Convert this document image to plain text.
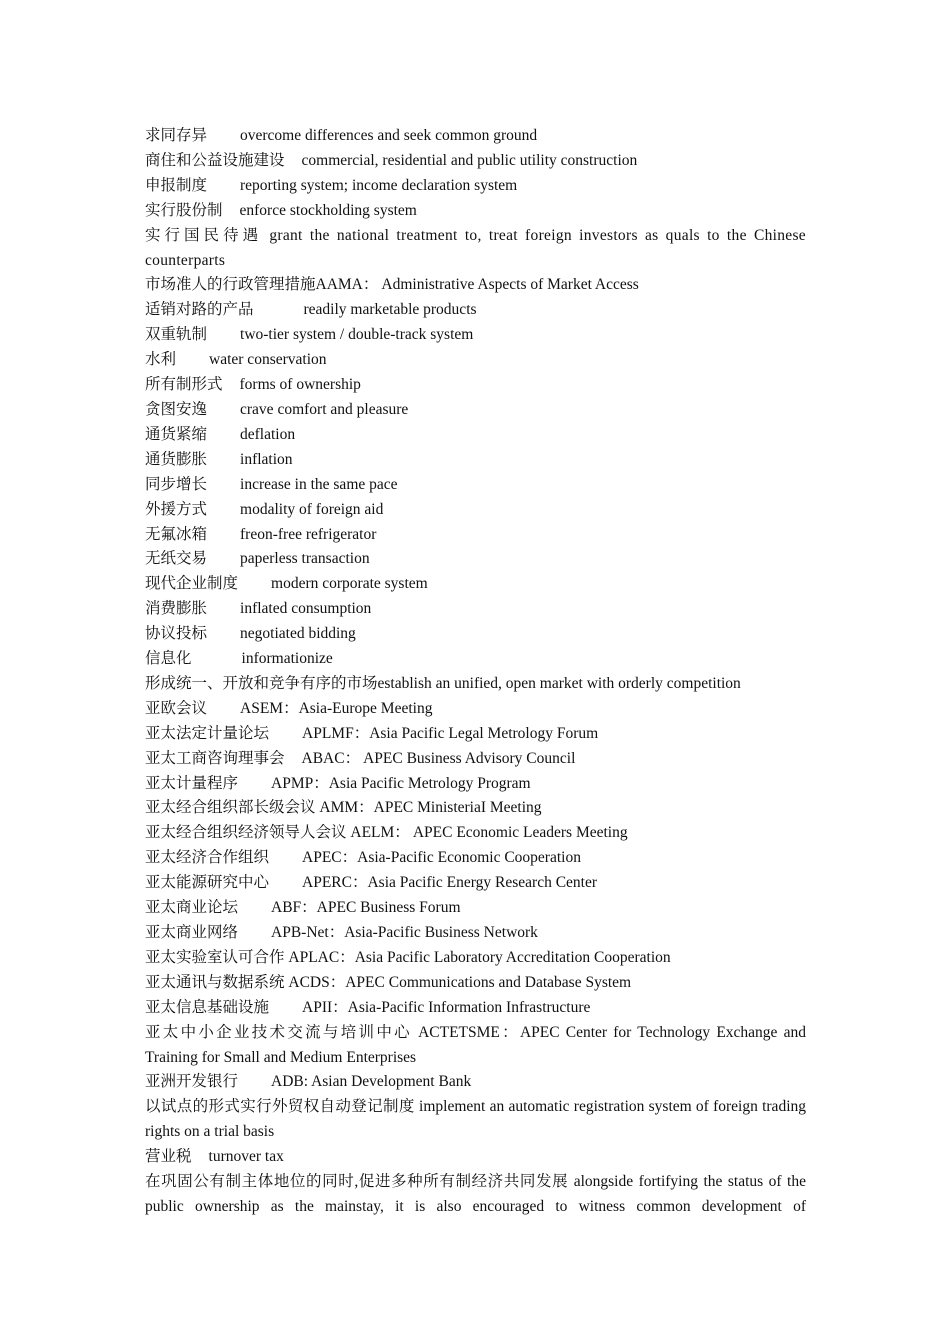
求同存异 overcome differences and seek common ground

商住和公益设施建设 commercial, residential and public utility construction

申报制度 reporting system; income declaration system

实行股份制 enforce stockholding system

实行国民待遇 grant the national treatment to, treat foreign investors as quals to the Chinese counterparts

市场准人的行政管理措施AAMA： Administrative Aspects of Market Access

适销对路的产品	readily marketable products

双重轨制 two-tier system / double-track system

水利 water conservation

所有制形式 forms of ownership

贪图安逸 crave comfort and pleasure

通货紧缩 deflation

通货膨胀 inflation

同步增长 increase in the same pace

外援方式 modality of foreign aid

无氟冰箱 freon-free refrigerator

无纸交易 paperless transaction

现代企业制度 modern corporate system

消费膨胀 inflated consumption

协议投标 negotiated bidding

信息化	informationize

形成统一、开放和竞争有序的市场establish an unified, open market with orderly competition

亚欧会议 ASEM：Asia-Europe Meeting

亚太法定计量论坛 APLMF：Asia Pacific Legal Metrology Forum

亚太工商咨询理事会 ABAC： APEC Business Advisory Council

亚太计量程序 APMP：Asia Pacific Metrology Program

亚太经合组织部长级会议 AMM：APEC MinisteriaI Meeting

亚太经合组织经济领导人会议 AELM： APEC Economic Leaders Meeting

亚太经济合作组织 APEC：Asia-Pacific Economic Cooperation

亚太能源研究中心 APERC：Asia Pacific Energy Research Center

亚太商业论坛 ABF：APEC Business Forum

亚太商业网络 APB-Net：Asia-Pacific Business Network

亚太实验室认可合作 APLAC：Asia Pacific Laboratory Accreditation Cooperation

亚太通讯与数据系统 ACDS：APEC Communications and Database System

亚太信息基础设施 APII：Asia-Pacific Information Infrastructure

亚太中小企业技术交流与培训中心 ACTETSME：APEC Center for Technology Exchange and Training for Small and Medium Enterprises

亚洲开发银行 ADB: Asian Development Bank

以试点的形式实行外贸权自动登记制度 implement an automatic registration system of foreign trading rights on a trial basis

营业税 turnover tax

在巩固公有制主体地位的同时,促进多种所有制经济共同发展 alongside fortifying the status of the public ownership as the mainstay, it is also encouraged to witness common development of
